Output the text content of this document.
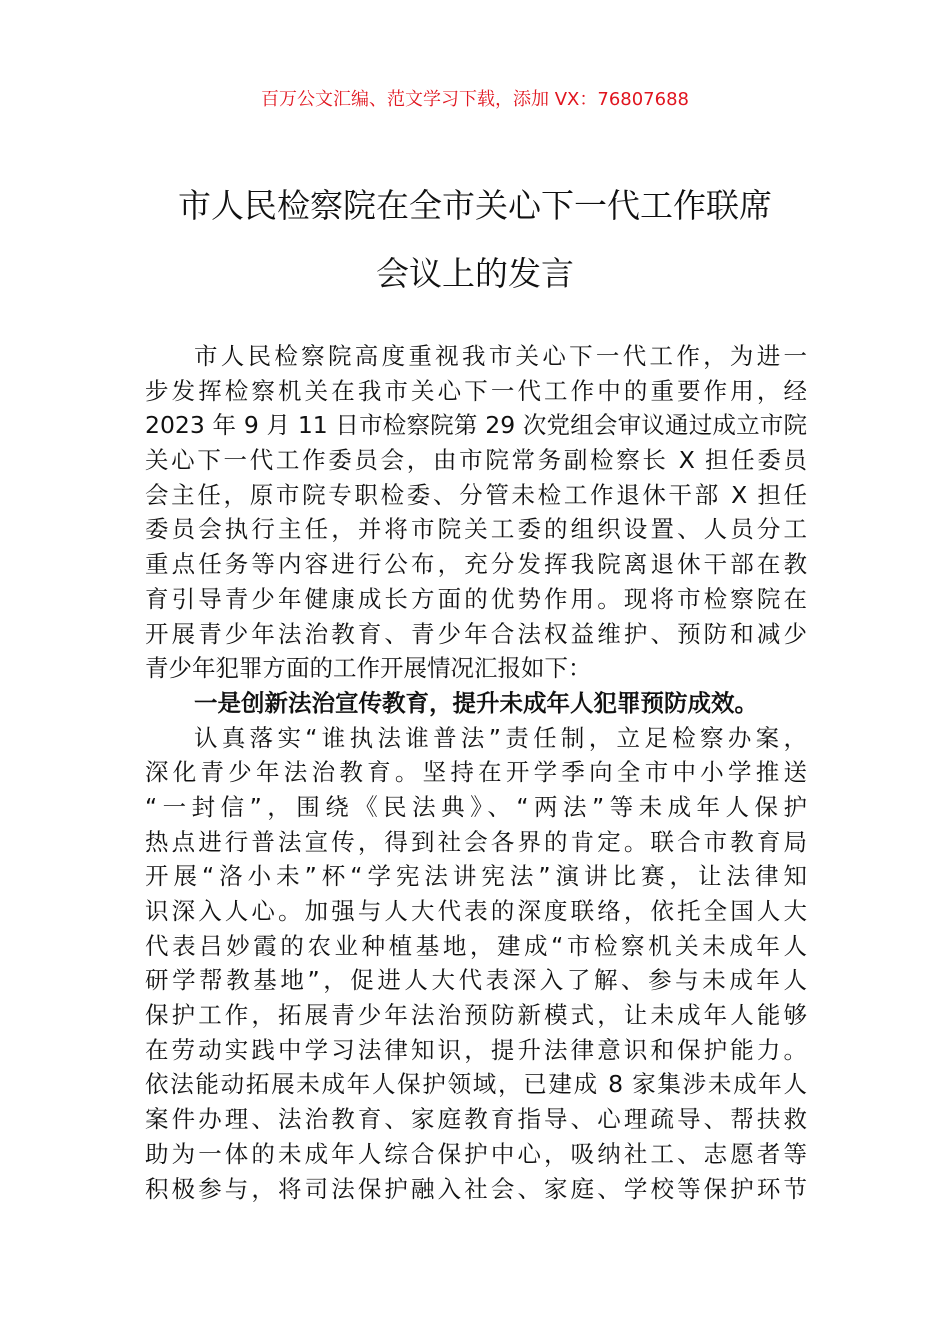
百万公文汇编、范文学习下载，添加 VX：76807688
市人民检察院在全市关心下一代工作联席
会议上的发言
市人民检察院高度重视我市关心下一代工作，为进一
步发挥检察机关在我市关心下一代工作中的重要作用，经
2023 年 9 月 11 日市检察院第 29 次党组会审议通过成立市院
关心下一代工作委员会，由市院常务副检察长 X 担任委员
会主任，原市院专职检委、分管未检工作退休干部 X 担任
委员会执行主任，并将市院关工委的组织设置、人员分工
重点任务等内容进行公布，充分发挥我院离退休干部在教
育引导青少年健康成长方面的优势作用。现将市检察院在
开展青少年法治教育、青少年合法权益维护、预防和减少
青少年犯罪方面的工作开展情况汇报如下：
一是创新法治宣传教育，提升未成年人犯罪预防成效。
认真落实“谁执法谁普法”责任制，立足检察办案，
深化青少年法治教育。坚持在开学季向全市中小学推送
“一封信”，围绕《民法典》、“两法”等未成年人保护
热点进行普法宣传，得到社会各界的肯定。联合市教育局
开展“洛小未”杯“学宪法讲宪法”演讲比赛，让法律知
识深入人心。加强与人大代表的深度联络，依托全国人大
代表吕妙霞的农业种植基地，建成“市检察机关未成年人
研学帮教基地”，促进人大代表深入了解、参与未成年人
保护工作，拓展青少年法治预防新模式，让未成年人能够
在劳动实践中学习法律知识，提升法律意识和保护能力。
依法能动拓展未成年人保护领域，已建成 8 家集涉未成年人
案件办理、法治教育、家庭教育指导、心理疏导、帮扶救
助为一体的未成年人综合保护中心，吸纳社工、志愿者等
积极参与，将司法保护融入社会、家庭、学校等保护环节
